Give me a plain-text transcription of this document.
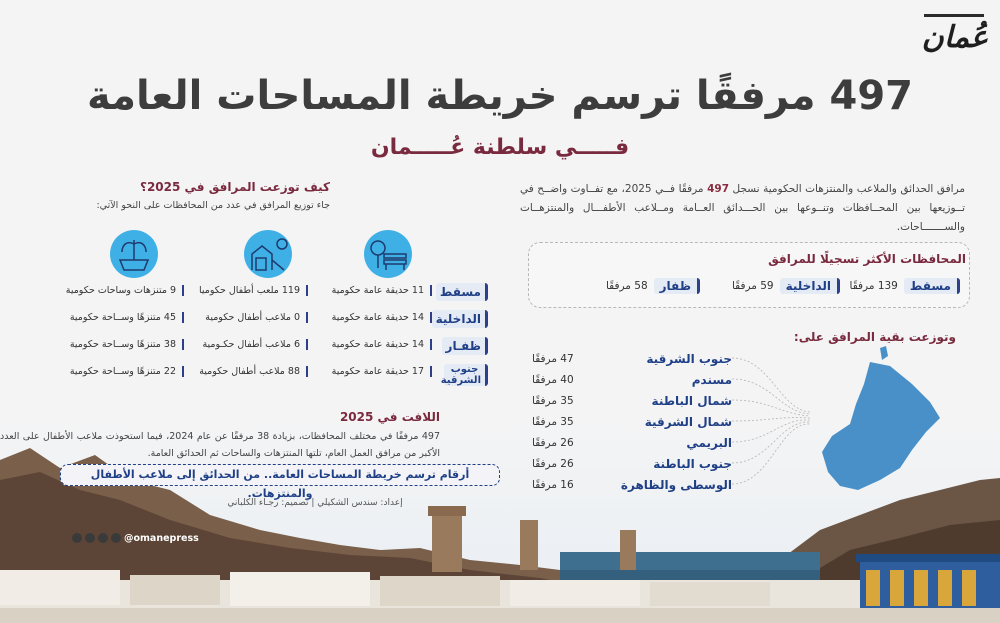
عُمان
497 مرفقًا ترسم خريطة المساحات العامة
فـــــي سلطنة عُـــــمان
مرافق الحدائق والملاعب والمنتزهات الحكومية نسجل 497 مرفقًا فــي 2025، مع تفــاوت واضــح في تــوزيعها بين المحــافظات وتنــوعها بين الحـــدائق العــامة ومــلاعب الأطفـــال والمنتزهــات والســـــــاحات.
المحافظات الأكثر تسجيلًا للمرافق
مسقط
139 مرفقًا
الداخلية
59 مرفقًا
ظفار
58 مرفقًا
وتوزعت بقية المرافق على:
جنوب الشرقية
47 مرفقًا
مسندم
40 مرفقًا
شمال الباطنة
35 مرفقًا
شمال الشرقية
35 مرفقًا
البريمي
26 مرفقًا
جنوب الباطنة
26 مرفقًا
الوسطى والظاهرة
16 مرفقًا
كيف توزعت المرافق في 2025؟
جاء توزيع المرافق في عدد من المحافظات على النحو الآتي:
مسقط
11 حديقة عامة حكومية
119 ملعب أطفال حكوميا
9 متنزهات وساحات حكومية
الداخلية
14 حديقة عامة حكومية
0 ملاعب أطفال حكومية
45 متنزهًا وســاحة حكومية
ظفـار
14 حديقة عامة حكومية
6 ملاعب أطفال حكـومية
38 متنزهًا وســاحة حكومية
جنوب الشرقية
17 حديقة عامة حكومية
88 ملاعب أطفال حكومية
22 متنزهًا وســاحة حكومية
اللافت في 2025
497 مرفقًا في مختلف المحافظات، بزيادة 38 مرفقًا عن عام 2024، فيما استحوذت ملاعب الأطفال على العدد الأكبر من مرافق العمل العام، تلتها المنتزهات والساحات ثم الحدائق العامة.
أرقام ترسم خريطة المساحات العامة.. من الحدائق إلى ملاعب الأطفال والمنتزهات.
إعداد: سندس الشكيلي | تصميم: رجـاء الكلباني
@omanepress
